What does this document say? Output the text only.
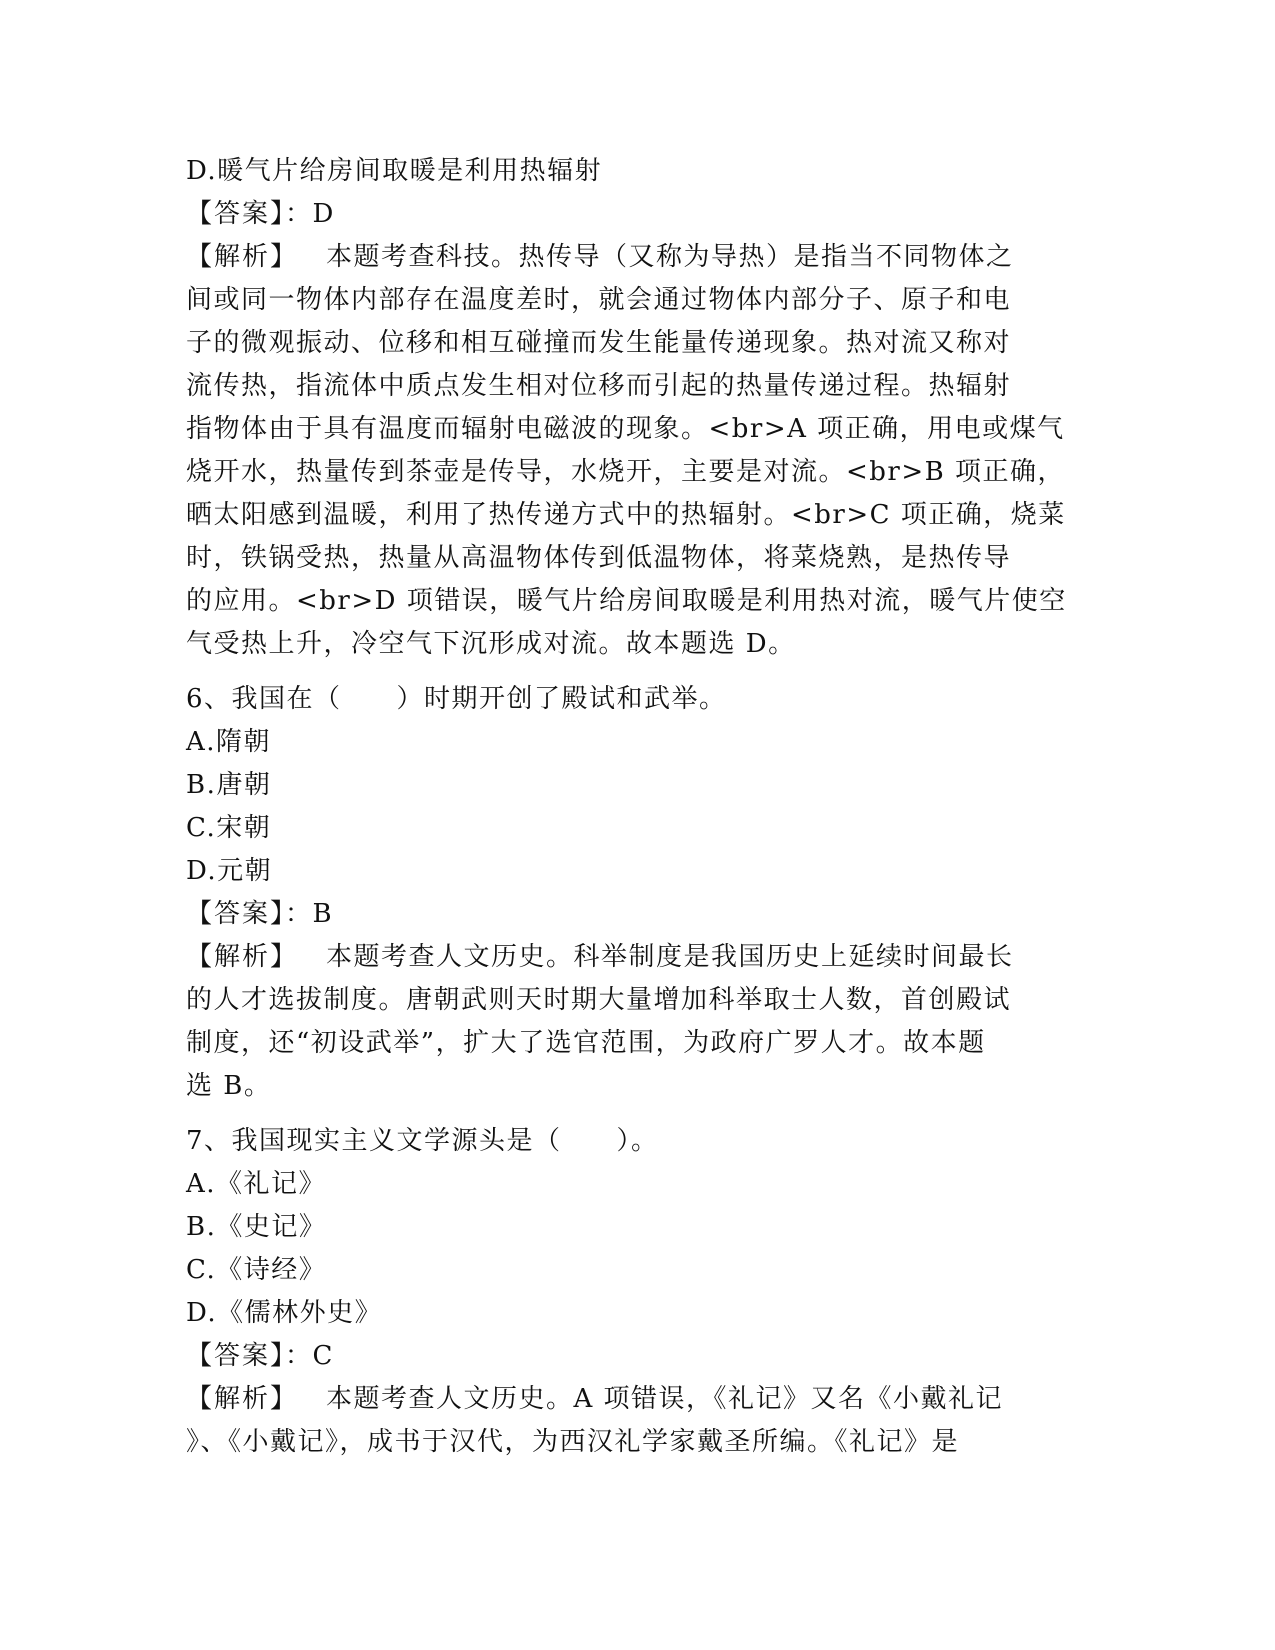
D.暖气片给房间取暖是利用热辐射

【答案】：D

【解析】 本题考查科技。热传导（又称为导热）是指当不同物体之
间或同一物体内部存在温度差时，就会通过物体内部分子、原子和电
子的微观振动、位移和相互碰撞而发生能量传递现象。热对流又称对
流传热，指流体中质点发生相对位移而引起的热量传递过程。热辐射
指物体由于具有温度而辐射电磁波的现象。<br>A 项正确，用电或煤气
烧开水，热量传到茶壶是传导，水烧开，主要是对流。<br>B 项正确，
晒太阳感到温暖，利用了热传递方式中的热辐射。<br>C 项正确，烧菜
时，铁锅受热，热量从高温物体传到低温物体，将菜烧熟，是热传导
的应用。<br>D 项错误，暖气片给房间取暖是利用热对流，暖气片使空
气受热上升，冷空气下沉形成对流。故本题选 D。

6、我国在（　　）时期开创了殿试和武举。

A.隋朝

B.唐朝

C.宋朝

D.元朝

【答案】：B

【解析】 本题考查人文历史。科举制度是我国历史上延续时间最长
的人才选拔制度。唐朝武则天时期大量增加科举取士人数，首创殿试
制度，还“初设武举”，扩大了选官范围，为政府广罗人才。故本题
选 B。

7、我国现实主义文学源头是（　　）。

A.《礼记》

B.《史记》

C.《诗经》

D.《儒林外史》

【答案】：C

【解析】 本题考查人文历史。A 项错误，《礼记》又名《小戴礼记
》、《小戴记》，成书于汉代，为西汉礼学家戴圣所编。《礼记》是
